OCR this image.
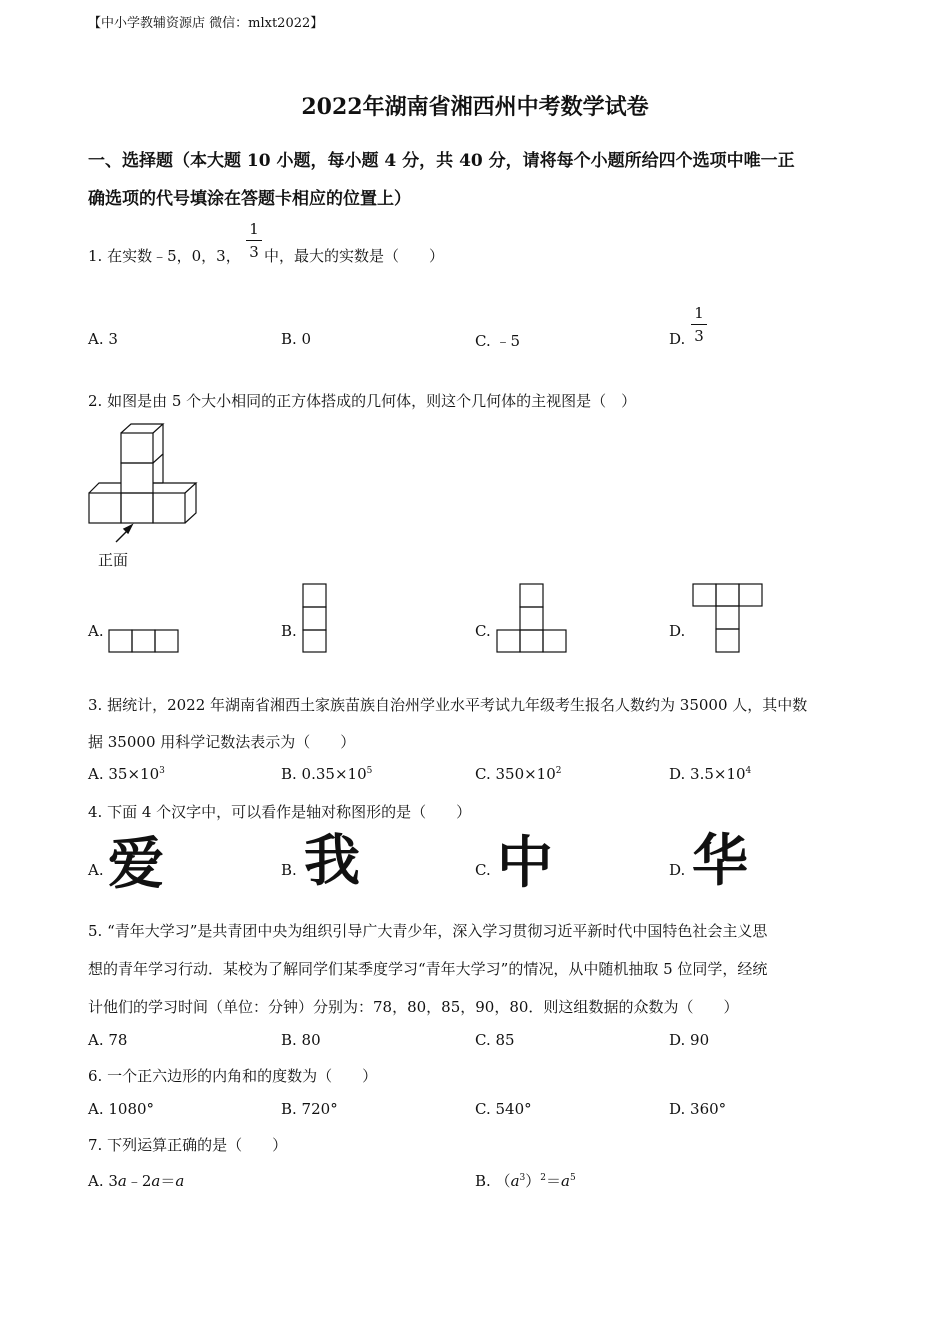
【中小学教辅资源店 微信：mlxt2022】
2022年湖南省湘西州中考数学试卷
一、选择题（本大题 10 小题，每小题 4 分，共 40 分，请将每个小题所给四个选项中唯一正
确选项的代号填涂在答题卡相应的位置上）
1. 在实数﹣5，0，3，
1
3 中，最大的实数是（　　）
A. 3	B. 0	C. ﹣5	D.
1
3
2. 如图是由 5 个大小相同的正方体搭成的几何体，则这个几何体的主视图是（　）
正面
A.	B.	C.	D.
3. 据统计，2022 年湖南省湘西土家族苗族自治州学业水平考试九年级考生报名人数约为 35000 人，其中数
据 35000 用科学记数法表示为（　　）
A. $35\times 10^3$	B. $0.35\times 10^5$	C. $350\times 10^2$	D. $3.5\times 10^4$
4. 下面 4 个汉字中，可以看作是轴对称图形的是（　　）
A. 爱	B. 我	C. 中	D. 华
5. “青年大学习”是共青团中央为组织引导广大青少年，深入学习贯彻习近平新时代中国特色社会主义思
想的青年学习行动．某校为了解同学们某季度学习“青年大学习”的情况，从中随机抽取 5 位同学，经统
计他们的学习时间（单位：分钟）分别为：78，80，85，90，80．则这组数据的众数为（　　）
A. 78	B. 80	C. 85	D. 90
6. 一个正六边形的内角和的度数为（　　）
A. 1080°	B. 720°	C. 540°	D. 360°
7. 下列运算正确的是（　　）
A. 3a﹣2a＝a	B. $(a^3)^2=a^5$
